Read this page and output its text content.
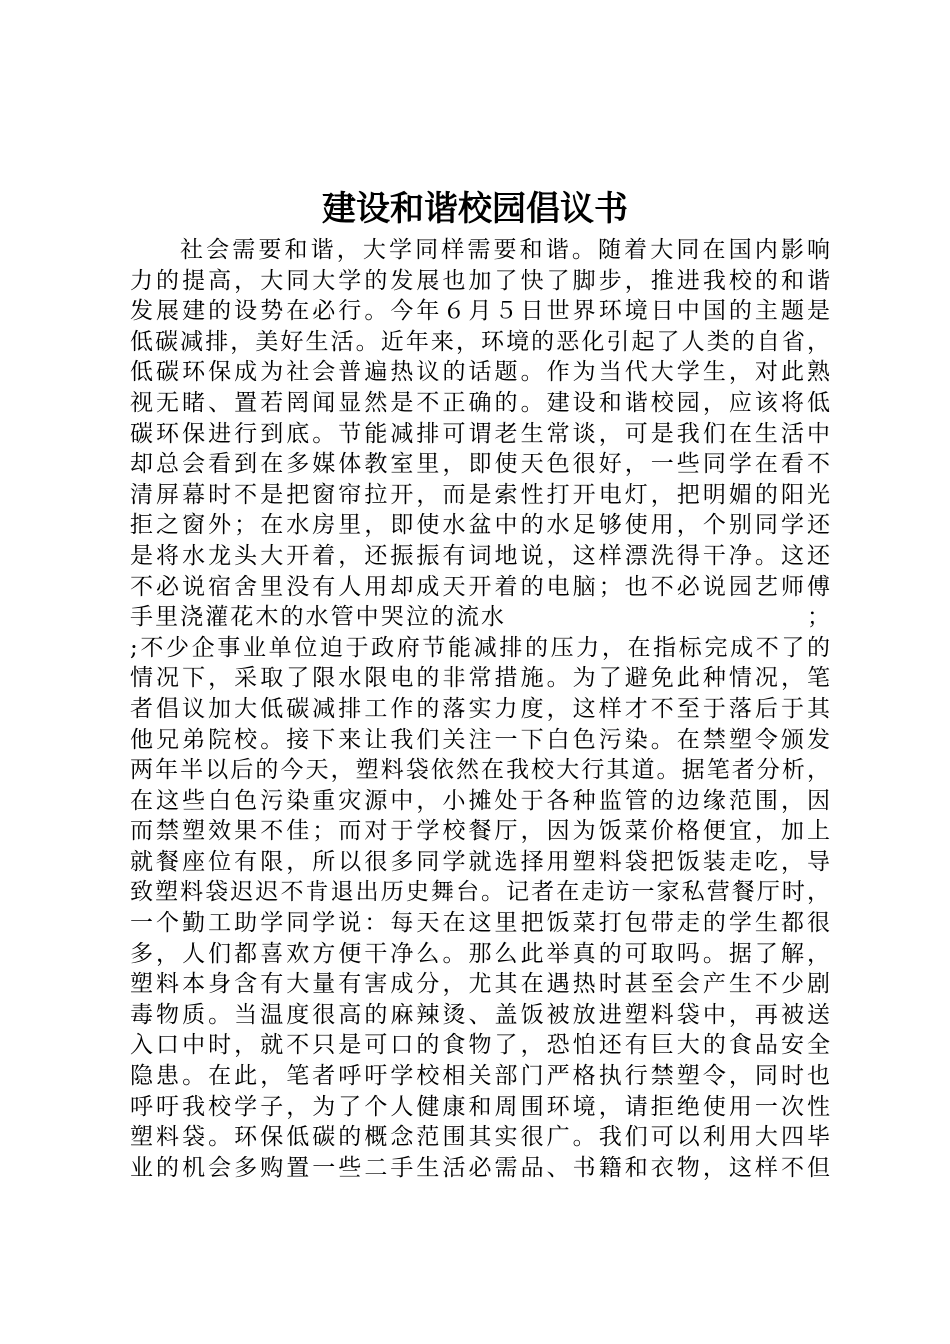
建设和谐校园倡议书
社会需要和谐，大学同样需要和谐。随着大同在国内影响
力的提高，大同大学的发展也加了快了脚步，推进我校的和谐
发展建的设势在必行。今年６月５日世界环境日中国的主题是
低碳减排，美好生活。近年来，环境的恶化引起了人类的自省，
低碳环保成为社会普遍热议的话题。作为当代大学生，对此熟
视无睹、置若罔闻显然是不正确的。建设和谐校园，应该将低
碳环保进行到底。节能减排可谓老生常谈，可是我们在生活中
却总会看到在多媒体教室里，即使天色很好，一些同学在看不
清屏幕时不是把窗帘拉开，而是索性打开电灯，把明媚的阳光
拒之窗外；在水房里，即使水盆中的水足够使用，个别同学还
是将水龙头大开着，还振振有词地说，这样漂洗得干净。这还
不必说宿舍里没有人用却成天开着的电脑；也不必说园艺师傅
手里浇灌花木的水管中哭泣的流水　　　　　　　　　　　　；
;不少企事业单位迫于政府节能减排的压力，在指标完成不了的
情况下，采取了限水限电的非常措施。为了避免此种情况，笔
者倡议加大低碳减排工作的落实力度，这样才不至于落后于其
他兄弟院校。接下来让我们关注一下白色污染。在禁塑令颁发
两年半以后的今天，塑料袋依然在我校大行其道。据笔者分析，
在这些白色污染重灾源中，小摊处于各种监管的边缘范围，因
而禁塑效果不佳；而对于学校餐厅，因为饭菜价格便宜，加上
就餐座位有限，所以很多同学就选择用塑料袋把饭装走吃，导
致塑料袋迟迟不肯退出历史舞台。记者在走访一家私营餐厅时，
一个勤工助学同学说：每天在这里把饭菜打包带走的学生都很
多，人们都喜欢方便干净么。那么此举真的可取吗。据了解，
塑料本身含有大量有害成分，尤其在遇热时甚至会产生不少剧
毒物质。当温度很高的麻辣烫、盖饭被放进塑料袋中，再被送
入口中时，就不只是可口的食物了，恐怕还有巨大的食品安全
隐患。在此，笔者呼吁学校相关部门严格执行禁塑令，同时也
呼吁我校学子，为了个人健康和周围环境，请拒绝使用一次性
塑料袋。环保低碳的概念范围其实很广。我们可以利用大四毕
业的机会多购置一些二手生活必需品、书籍和衣物，这样不但
